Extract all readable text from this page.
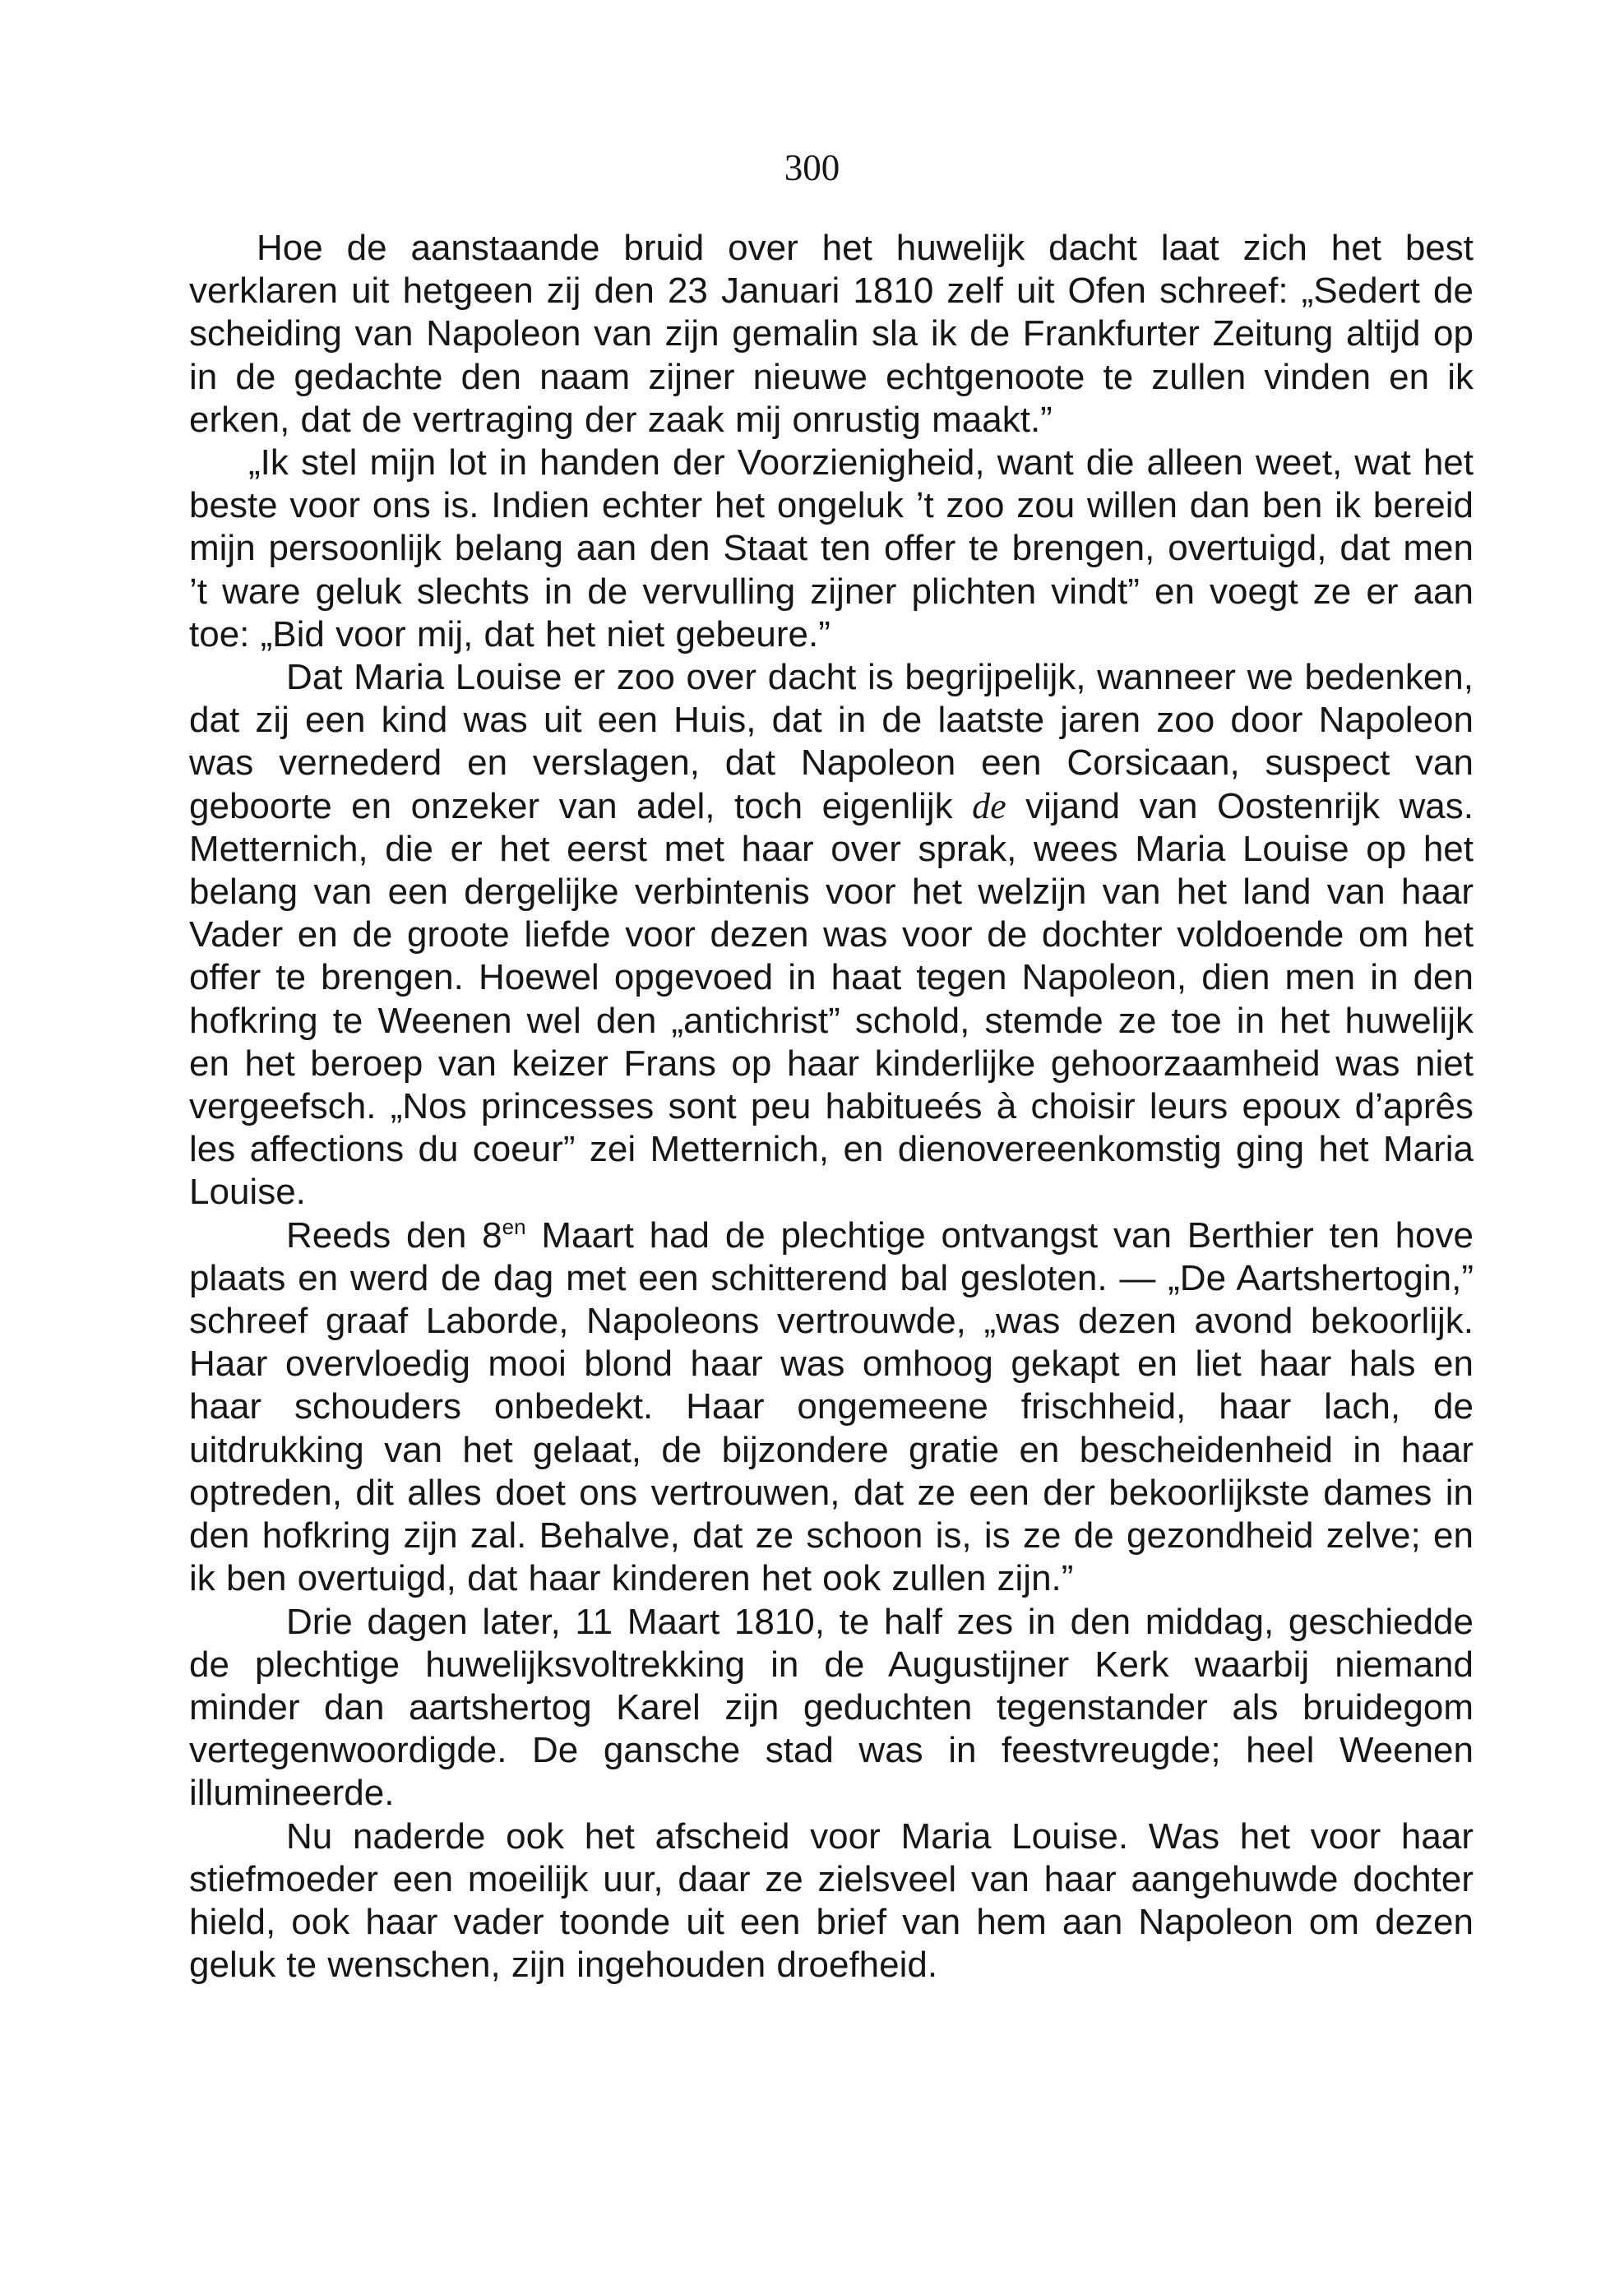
300

Hoe de aanstaande bruid over het huwelijk dacht laat zich het best verklaren uit hetgeen zij den 23 Januari 1810 zelf uit Ofen schreef: „Sedert de scheiding van Napoleon van zijn gemalin sla ik de Frankfurter Zeitung altijd op in de gedachte den naam zijner nieuwe echtgenoote te zullen vinden en ik erken, dat de vertraging der zaak mij onrustig maakt.”

„Ik stel mijn lot in handen der Voorzienigheid, want die alleen weet, wat het beste voor ons is. Indien echter het ongeluk ’t zoo zou willen dan ben ik bereid mijn persoonlijk belang aan den Staat ten offer te brengen, overtuigd, dat men ’t ware geluk slechts in de vervulling zijner plichten vindt” en voegt ze er aan toe: „Bid voor mij, dat het niet gebeure.”

Dat Maria Louise er zoo over dacht is begrijpelijk, wanneer we bedenken, dat zij een kind was uit een Huis, dat in de laatste jaren zoo door Napoleon was vernederd en verslagen, dat Napoleon een Corsicaan, suspect van geboorte en onzeker van adel, toch eigenlijk de vijand van Oostenrijk was. Metternich, die er het eerst met haar over sprak, wees Maria Louise op het belang van een dergelijke verbintenis voor het welzijn van het land van haar Vader en de groote liefde voor dezen was voor de dochter voldoende om het offer te brengen. Hoewel opgevoed in haat tegen Napoleon, dien men in den hofkring te Weenen wel den „antichrist” schold, stemde ze toe in het huwelijk en het beroep van keizer Frans op haar kinderlijke gehoorzaamheid was niet vergeefsch. „Nos princesses sont peu habitueés à choisir leurs epoux d’aprês les affections du coeur” zei Metternich, en dienovereenkomstig ging het Maria Louise.

Reeds den $8^{en}$ Maart had de plechtige ontvangst van Berthier ten hove plaats en werd de dag met een schitterend bal gesloten. — „De Aartshertogin,” schreef graaf Laborde, Napoleons vertrouwde, „was dezen avond bekoorlijk. Haar overvloedig mooi blond haar was omhoog gekapt en liet haar hals en haar schouders onbedekt. Haar ongemeene frischheid, haar lach, de uitdrukking van het gelaat, de bijzondere gratie en bescheidenheid in haar optreden, dit alles doet ons vertrouwen, dat ze een der bekoorlijkste dames in den hofkring zijn zal. Behalve, dat ze schoon is, is ze de gezondheid zelve; en ik ben overtuigd, dat haar kinderen het ook zullen zijn.”

Drie dagen later, 11 Maart 1810, te half zes in den middag, geschiedde de plechtige huwelijksvoltrekking in de Augustijner Kerk waarbij niemand minder dan aartshertog Karel zijn geduchten tegenstander als bruidegom vertegenwoordigde. De gansche stad was in feestvreugde; heel Weenen illumineerde.

Nu naderde ook het afscheid voor Maria Louise. Was het voor haar stiefmoeder een moeilijk uur, daar ze zielsveel van haar aangehuwde dochter hield, ook haar vader toonde uit een brief van hem aan Napoleon om dezen geluk te wenschen, zijn ingehouden droefheid.
